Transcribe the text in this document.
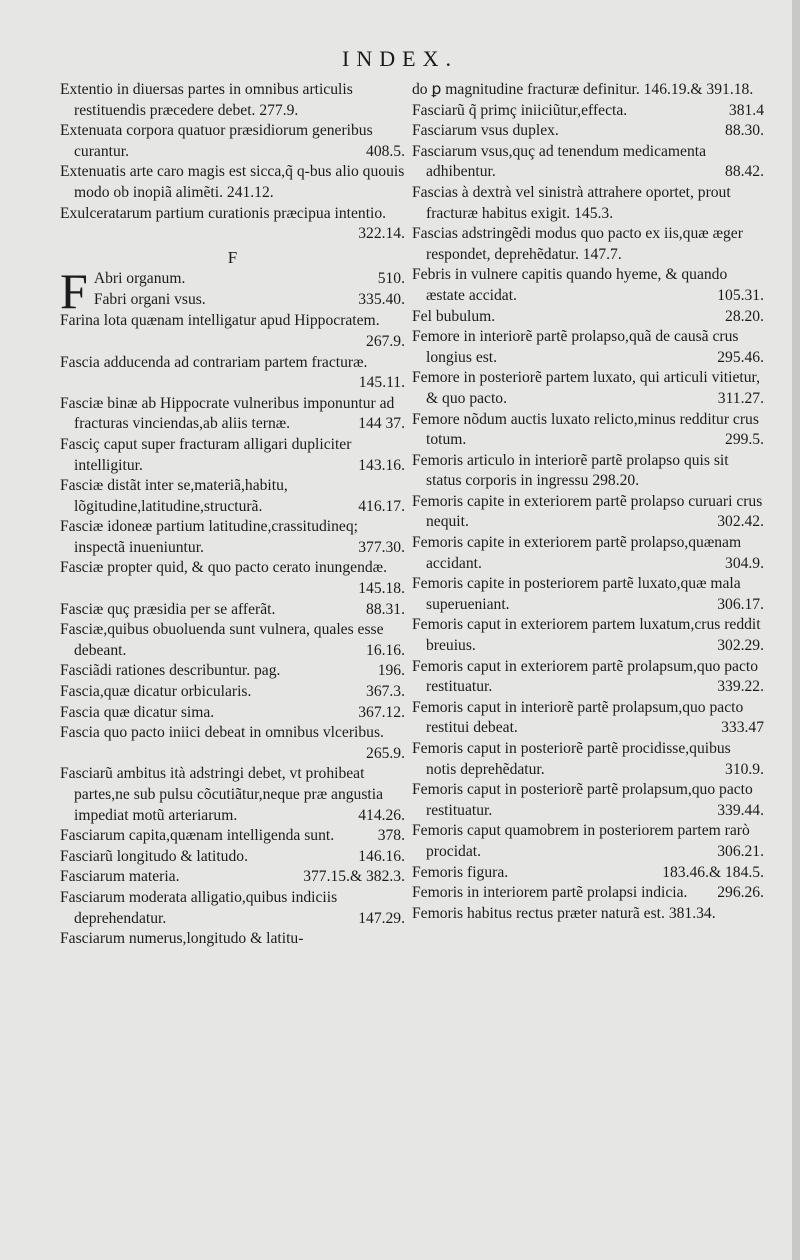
INDEX.
Extentio in diuersas partes in omnibus articulis restituendis præcedere debet. 277.9.
Extenuata corpora quatuor præsidiorum generibus curantur.	408.5.
Extenuatis arte caro magis est sicca,q̃ q-bus alio quouis modo ob inopiã alimẽti. 241.12.
Exulceratarum partium curationis præcipua intentio.
322.14.
F
F Abri organum.	510.
Fabri organi vsus.	335.40.
Farina lota quænam intelligatur apud Hippocratem.
267.9.
Fascia adducenda ad contrariam partem fracturæ.
145.11.
Fasciæ binæ ab Hippocrate vulneribus imponuntur ad fracturas vinciendas,ab aliis ternæ.	144 37.
Fasciç caput super fracturam alligari dupliciter intelligitur.	143.16.
Fasciæ distãt inter se,materiã,habitu, lõgitudine,latitudine,structurã.	416.17.
Fasciæ idoneæ partium latitudine,crassitudineq; inspectã inueniuntur.	377.30.
Fasciæ propter quid, & quo pacto cerato inungendæ.
145.18.
Fasciæ quç præsidia per se afferãt.	88.31.
Fasciæ,quibus obuoluenda sunt vulnera, quales esse debeant.	16.16.
Fasciãdi rationes describuntur. pag.	196.
Fascia,quæ dicatur orbicularis.	367.3.
Fascia quæ dicatur sima.	367.12.
Fascia quo pacto iniici debeat in omnibus vlceribus.
265.9.
Fasciarũ ambitus ità adstringi debet, vt prohibeat partes,ne sub pulsu cõcutiãtur,neque præ angustia impediat motũ arteriarum.	414.26.
Fasciarum capita,quænam intelligenda sunt.	378.
Fasciarũ longitudo & latitudo.	146.16.
Fasciarum materia.	377.15.& 382.3.
Fasciarum moderata alligatio,quibus indiciis deprehendatur.	147.29.
Fasciarum numerus,longitudo & latitu-
do ꝑ magnitudine fracturæ definitur. 146.19.& 391.18.
Fasciarũ q̃ primç iniiciũtur,effecta.	381.4
Fasciarum vsus duplex.	88.30.
Fasciarum vsus,quç ad tenendum medicamenta adhibentur.	88.42.
Fascias à dextrà vel sinistrà attrahere oportet, prout fracturæ habitus exigit. 145.3.
Fascias adstringẽdi modus quo pacto ex iis,quæ æger respondet, deprehẽdatur. 147.7.
Febris in vulnere capitis quando hyeme, & quando æstate accidat.	105.31.
Fel bubulum.	28.20.
Femore in interiorẽ partẽ prolapso,quã de causã crus longius est.	295.46.
Femore in posteriorẽ partem luxato, qui articuli vitietur, & quo pacto.	311.27.
Femore nõdum auctis luxato relicto,minus redditur crus totum.	299.5.
Femoris articulo in interiorẽ partẽ prolapso quis sit status corporis in ingressu 298.20.
Femoris capite in exteriorem partẽ prolapso curuari crus nequit.	302.42.
Femoris capite in exteriorem partẽ prolapso,quænam accidant.	304.9.
Femoris capite in posteriorem partẽ luxato,quæ mala superueniant.	306.17.
Femoris caput in exteriorem partem luxatum,crus reddit breuius.	302.29.
Femoris caput in exteriorem partẽ prolapsum,quo pacto restituatur.	339.22.
Femoris caput in interiorẽ partẽ prolapsum,quo pacto restitui debeat.	333.47
Femoris caput in posteriorẽ partẽ procidisse,quibus notis deprehẽdatur.	310.9.
Femoris caput in posteriorẽ partẽ prolapsum,quo pacto restituatur.	339.44.
Femoris caput quamobrem in posteriorem partem rarò procidat.	306.21.
Femoris figura.	183.46.& 184.5.
Femoris in interiorem partẽ prolapsi indicia.	296.26.
Femoris habitus rectus præter naturã est. 381.34.
